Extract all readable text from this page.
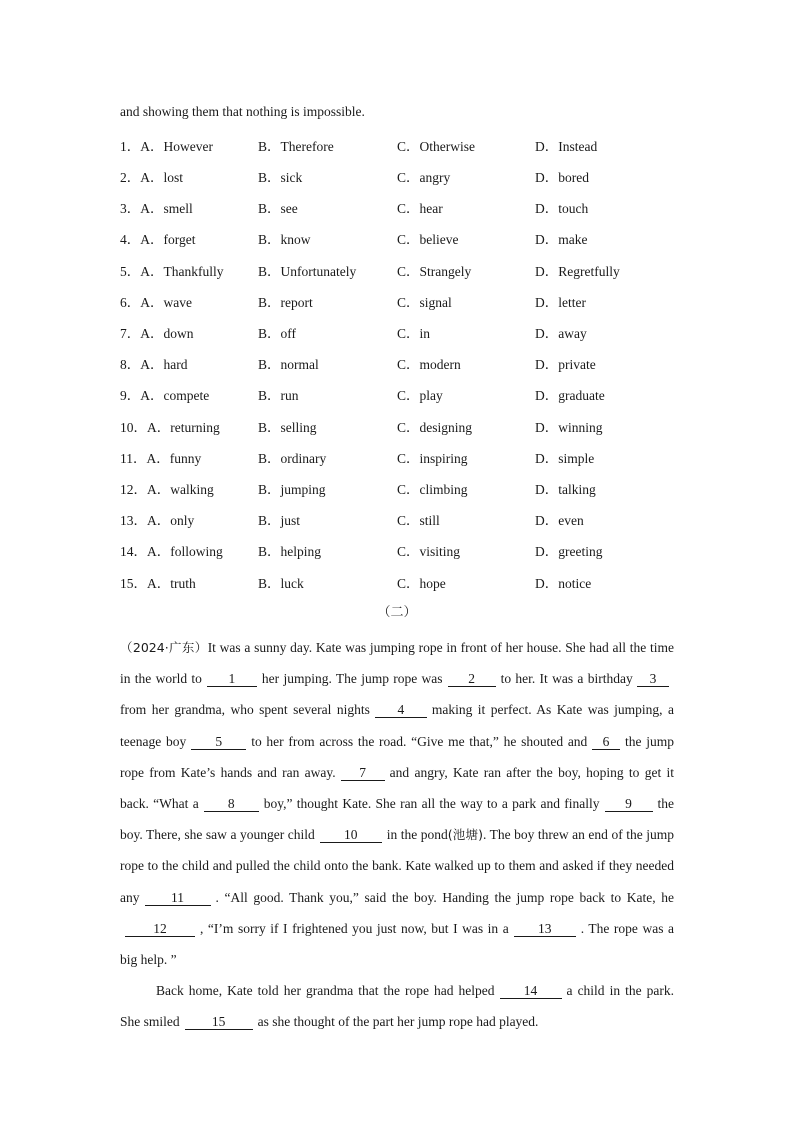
and showing them that nothing is impossible.
1．A．However	B．Therefore	C．Otherwise	D．Instead
2．A．lost	B．sick	C．angry	D．bored
3．A．smell	B．see	C．hear	D．touch
4．A．forget	B．know	C．believe	D．make
5．A．Thankfully	B．Unfortunately	C．Strangely	D．Regretfully
6．A．wave	B．report	C．signal	D．letter
7．A．down	B．off	C．in	D．away
8．A．hard	B．normal	C．modern	D．private
9．A．compete	B．run	C．play	D．graduate
10．A．returning	B．selling	C．designing	D．winning
11．A．funny	B．ordinary	C．inspiring	D．simple
12．A．walking	B．jumping	C．climbing	D．talking
13．A．only	B．just	C．still	D．even
14．A．following	B．helping	C．visiting	D．greeting
15．A．truth	B．luck	C．hope	D．notice
（二）

（2024·广东）It was a sunny day. Kate was jumping rope in front of her house. She had all the time in the world to 1 her jumping. The jump rope was 2 to her. It was a birthday 3from her grandma, who spent several nights 4 making it perfect. As Kate was jumping, a teenage boy 5 to her from across the road. “Give me that,” he shouted and 6 the jump rope from Kate’s hands and ran away. 7 and angry, Kate ran after the boy, hoping to get it back. “What a 8 boy,” thought Kate. She ran all the way to a park and finally 9 the boy. There, she saw a younger child 10 in the pond(池塘). The boy threw an end of the jump rope to the child and pulled the child onto the bank. Kate walked up to them and asked if they needed any 11 . “All good. Thank you,” said the boy. Handing the jump rope back to Kate, he12 , “I’m sorry if I frightened you just now, but I was in a 13 . The rope was a big help. ”

Back home, Kate told her grandma that the rope had helped 14 a child in the park. She smiled 15 as she thought of the part her jump rope had played.
